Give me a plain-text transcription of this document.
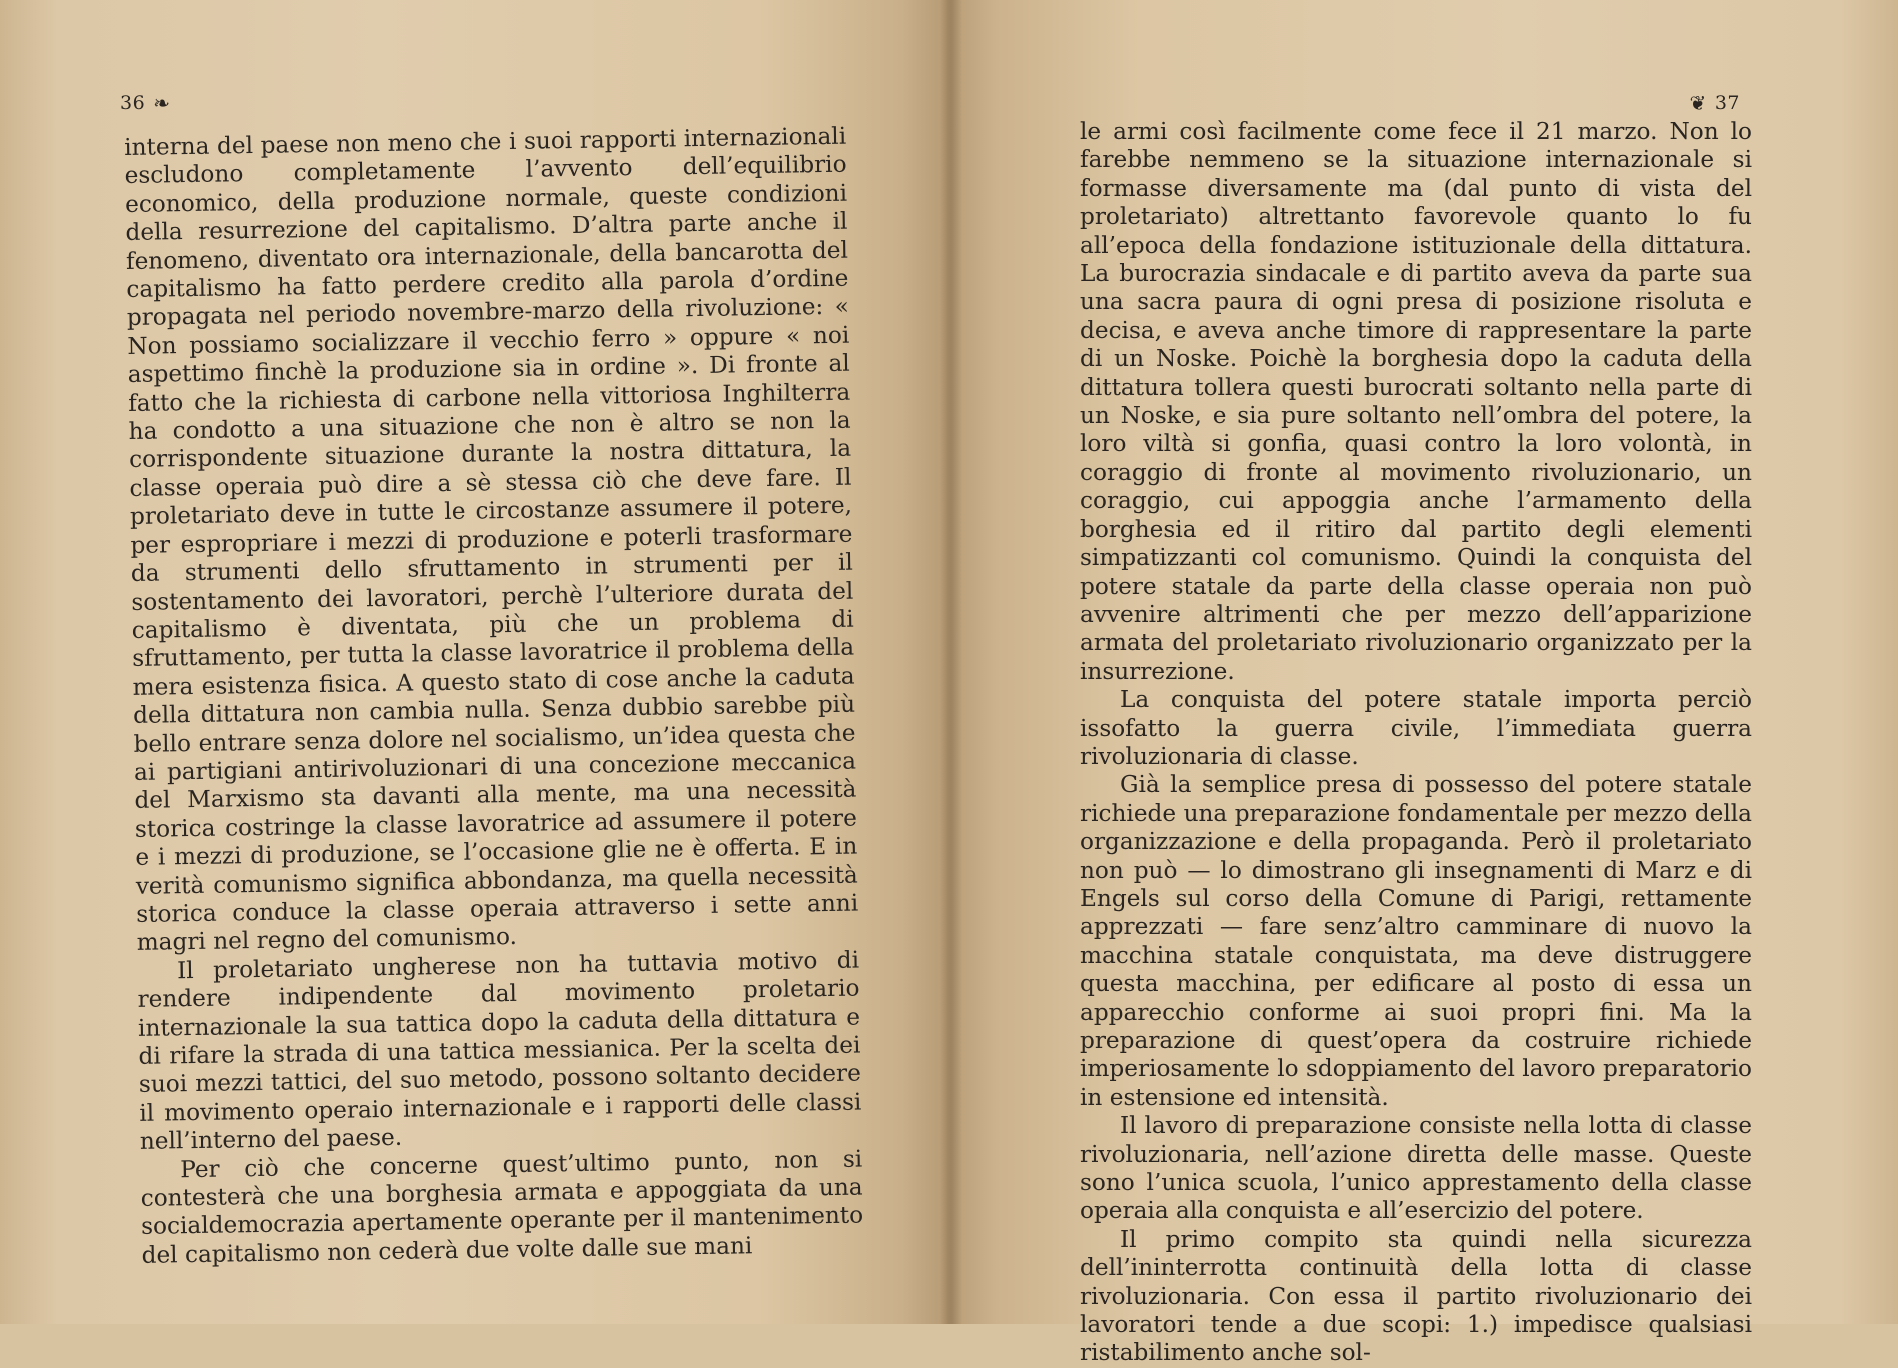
36 ❧

interna del paese non meno che i suoi rapporti internazionali escludono completamente l’avvento dell’equilibrio economico, della produzione normale, queste condizioni della resurrezione del capitalismo. D’altra parte anche il fenomeno, diventato ora internazionale, della bancarotta del capitalismo ha fatto perdere credito alla parola d’ordine propagata nel periodo novembre-marzo della rivoluzione: « Non possiamo socializzare il vecchio ferro » oppure « noi aspettimo finchè la produzione sia in ordine ». Di fronte al fatto che la richiesta di carbone nella vittoriosa Inghilterra ha condotto a una situazione che non è altro se non la corrispondente situazione durante la nostra dittatura, la classe operaia può dire a sè stessa ciò che deve fare. Il proletariato deve in tutte le circostanze assumere il potere, per espropriare i mezzi di produzione e poterli trasformare da strumenti dello sfruttamento in strumenti per il sostentamento dei lavoratori, perchè l’ulteriore durata del capitalismo è diventata, più che un problema di sfruttamento, per tutta la classe lavoratrice il problema della mera esistenza fisica. A questo stato di cose anche la caduta della dittatura non cambia nulla. Senza dubbio sarebbe più bello entrare senza dolore nel socialismo, un’idea questa che ai partigiani antirivoluzionari di una concezione meccanica del Marxismo sta davanti alla mente, ma una necessità storica costringe la classe lavoratrice ad assumere il potere e i mezzi di produzione, se l’occasione glie ne è offerta. E in verità comunismo significa abbondanza, ma quella necessità storica conduce la classe operaia attraverso i sette anni magri nel regno del comunismo.

Il proletariato ungherese non ha tuttavia motivo di rendere indipendente dal movimento proletario internazionale la sua tattica dopo la caduta della dittatura e di rifare la strada di una tattica messianica. Per la scelta dei suoi mezzi tattici, del suo metodo, possono soltanto decidere il movimento operaio internazionale e i rapporti delle classi nell’interno del paese.

Per ciò che concerne quest’ultimo punto, non si contesterà che una borghesia armata e appoggiata da una socialdemocrazia apertamente operante per il mantenimento del capitalismo non cederà due volte dalle sue mani

❦ 37

le armi così facilmente come fece il 21 marzo. Non lo farebbe nemmeno se la situazione internazionale si formasse diversamente ma (dal punto di vista del proletariato) altrettanto favorevole quanto lo fu all’epoca della fondazione istituzionale della dittatura. La burocrazia sindacale e di partito aveva da parte sua una sacra paura di ogni presa di posizione risoluta e decisa, e aveva anche timore di rappresentare la parte di un Noske. Poichè la borghesia dopo la caduta della dittatura tollera questi burocrati soltanto nella parte di un Noske, e sia pure soltanto nell’ombra del potere, la loro viltà si gonfia, quasi contro la loro volontà, in coraggio di fronte al movimento rivoluzionario, un coraggio, cui appoggia anche l’armamento della borghesia ed il ritiro dal partito degli elementi simpatizzanti col comunismo. Quindi la conquista del potere statale da parte della classe operaia non può avvenire altrimenti che per mezzo dell’apparizione armata del proletariato rivoluzionario organizzato per la insurrezione.

La conquista del potere statale importa perciò issofatto la guerra civile, l’immediata guerra rivoluzionaria di classe.

Già la semplice presa di possesso del potere statale richiede una preparazione fondamentale per mezzo della organizzazione e della propaganda. Però il proletariato non può — lo dimostrano gli insegnamenti di Marz e di Engels sul corso della Comune di Parigi, rettamente apprezzati — fare senz’altro camminare di nuovo la macchina statale conquistata, ma deve distruggere questa macchina, per edificare al posto di essa un apparecchio conforme ai suoi propri fini. Ma la preparazione di quest’opera da costruire richiede imperiosamente lo sdoppiamento del lavoro preparatorio in estensione ed intensità.

Il lavoro di preparazione consiste nella lotta di classe rivoluzionaria, nell’azione diretta delle masse. Queste sono l’unica scuola, l’unico apprestamento della classe operaia alla conquista e all’esercizio del potere.

Il primo compito sta quindi nella sicurezza dell’ininterrotta continuità della lotta di classe rivoluzionaria. Con essa il partito rivoluzionario dei lavoratori tende a due scopi: 1.) impedisce qualsiasi ristabilimento anche sol-
